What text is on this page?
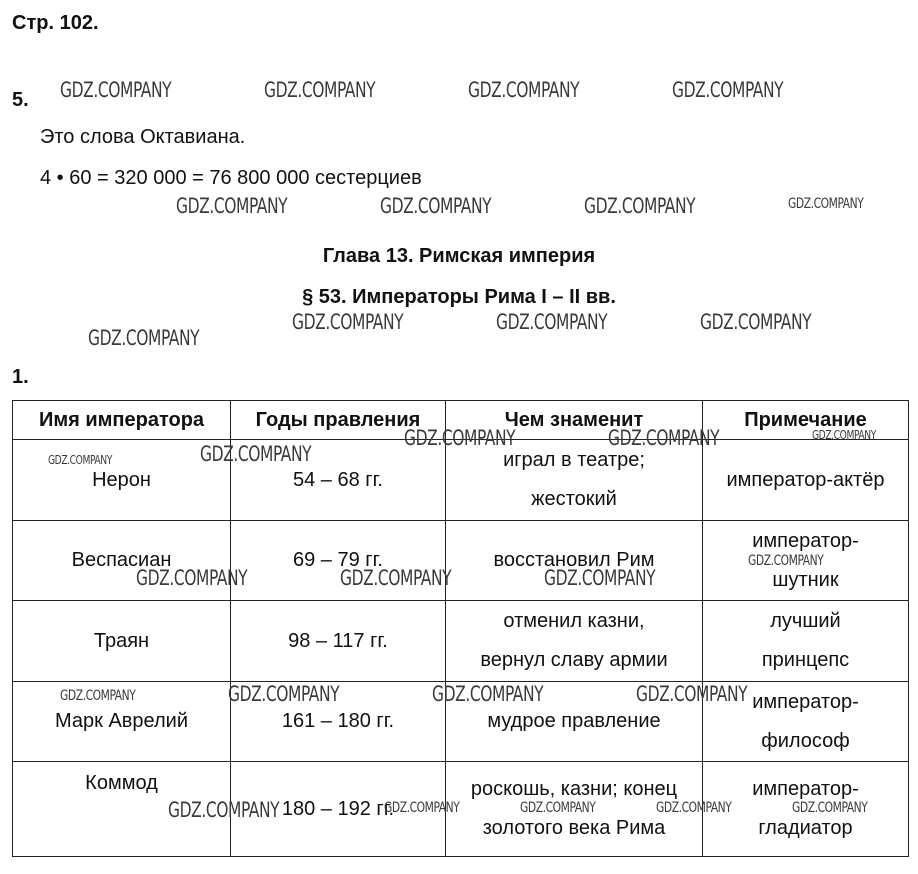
Стр. 102.
5.
Это слова Октавиана.
4 • 60 = 320 000 = 76 800 000 сестерциев
Глава 13. Римская империя
§ 53. Императоры Рима I – II вв.
1.
Имя императора	Годы правления	Чем знаменит	Примечание
Нерон	54 – 68 гг.	играл в театре;
жестокий	император-актёр

Веспасиан	69 – 79 гг.	восстановил Рим	император-
шутник

Траян	98 – 117 гг.	отменил казни,
вернул славу армии	лучший
принцепс

Марк Аврелий	161 – 180 гг.	мудрое правление	император-
философ

Коммод	180 – 192 гг.	роскошь, казни; конец
золотого века Рима	император-
гладиатор
GDZ.COMPANY	GDZ.COMPANY	GDZ.COMPANY	GDZ.COMPANY
GDZ.COMPANY	GDZ.COMPANY	GDZ.COMPANY	GDZ.COMPANY
GDZ.COMPANY	GDZ.COMPANY	GDZ.COMPANY
GDZ.COMPANY
GDZ.COMPANY	GDZ.COMPANY	GDZ.COMPANY
GDZ.COMPANY	GDZ.COMPANY
GDZ.COMPANY
GDZ.COMPANY	GDZ.COMPANY	GDZ.COMPANY
GDZ.COMPANY	GDZ.COMPANY	GDZ.COMPANY	GDZ.COMPANY
GDZ.COMPANY	GDZ.COMPANY	GDZ.COMPANY	GDZ.COMPANY	GDZ.COMPANY
